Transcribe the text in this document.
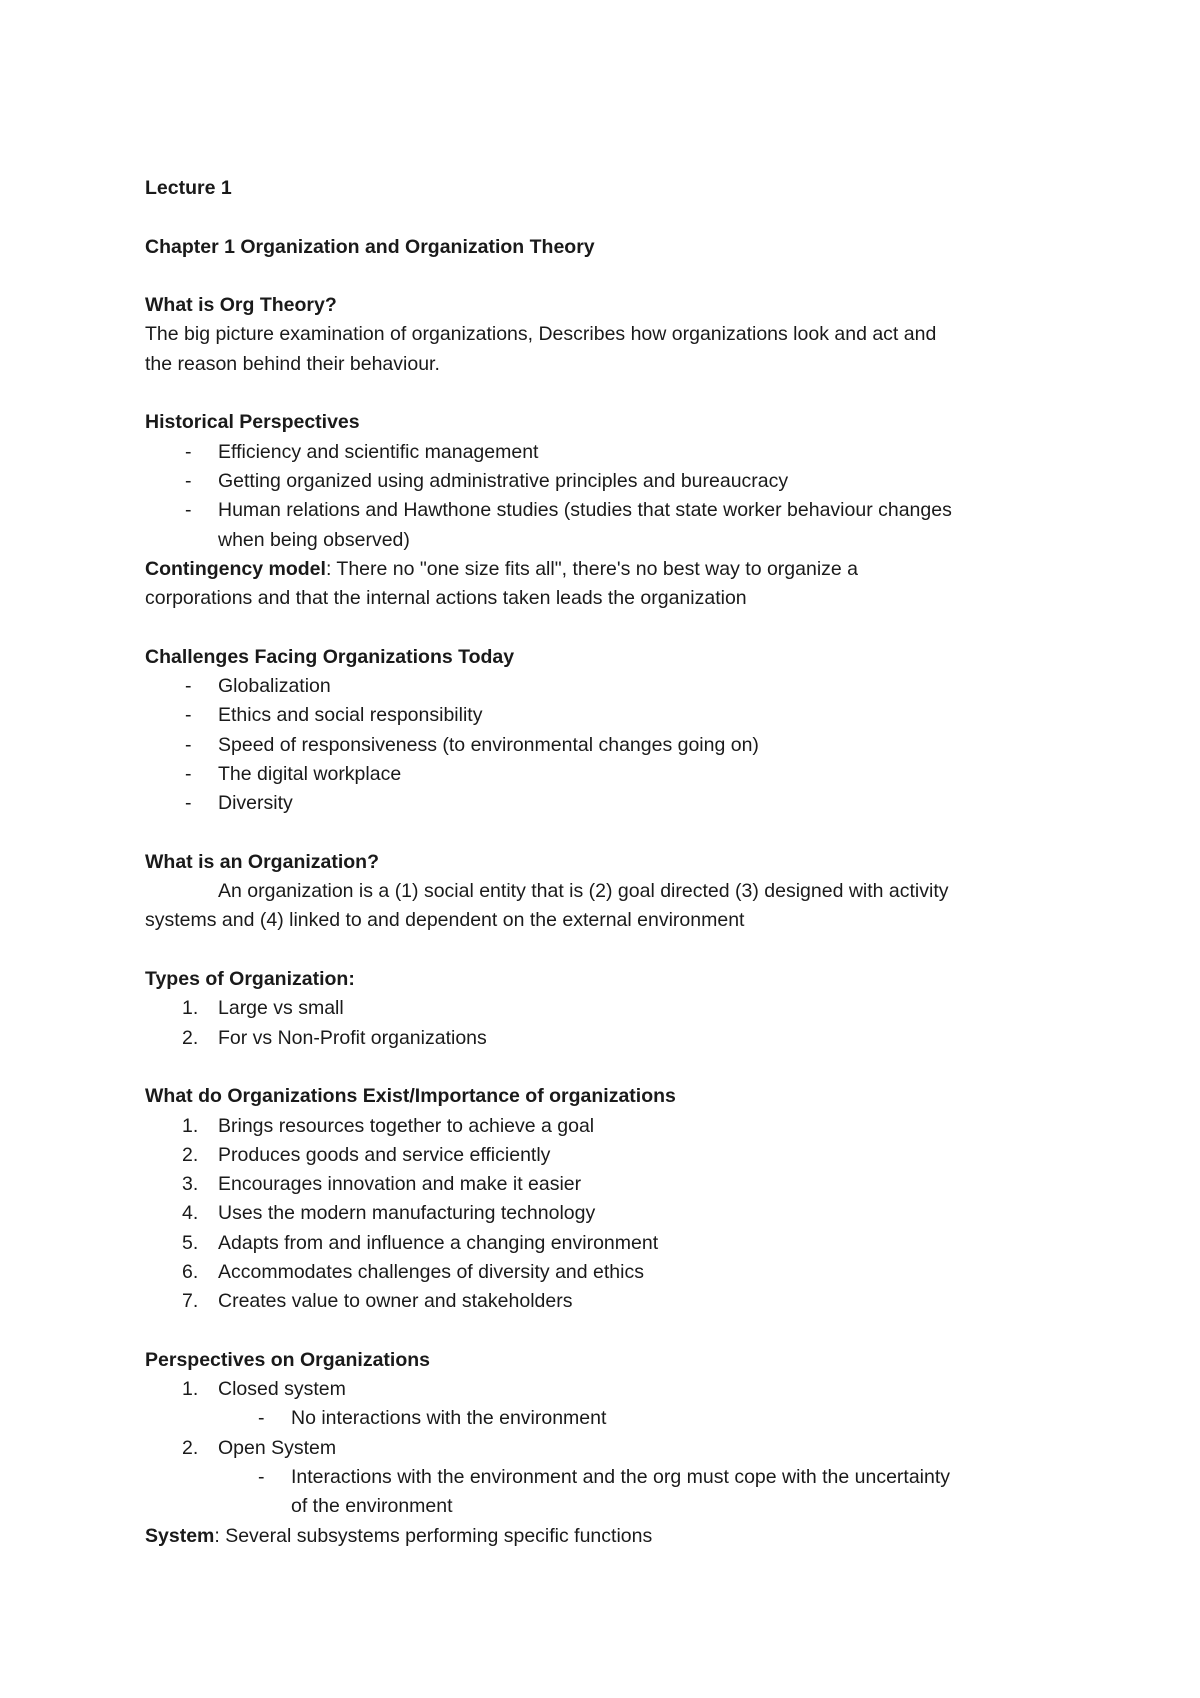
Lecture 1
Chapter 1 Organization and Organization Theory
What is Org Theory?
The big picture examination of organizations, Describes how organizations look and act and
the reason behind their behaviour.
Historical Perspectives
- Efficiency and scientific management
- Getting organized using administrative principles and bureaucracy
- Human relations and Hawthone studies (studies that state worker behaviour changes
when being observed)
Contingency model: There no "one size fits all", there's no best way to organize a
corporations and that the internal actions taken leads the organization
Challenges Facing Organizations Today
- Globalization
- Ethics and social responsibility
- Speed of responsiveness (to environmental changes going on)
- The digital workplace
- Diversity
What is an Organization?
An organization is a (1) social entity that is (2) goal directed (3) designed with activity
systems and (4) linked to and dependent on the external environment
Types of Organization:
1. Large vs small
2. For vs Non-Profit organizations
What do Organizations Exist/Importance of organizations
1. Brings resources together to achieve a goal
2. Produces goods and service efficiently
3. Encourages innovation and make it easier
4. Uses the modern manufacturing technology
5. Adapts from and influence a changing environment
6. Accommodates challenges of diversity and ethics
7. Creates value to owner and stakeholders
Perspectives on Organizations
1. Closed system
- No interactions with the environment
2. Open System
- Interactions with the environment and the org must cope with the uncertainty
of the environment
System: Several subsystems performing specific functions
